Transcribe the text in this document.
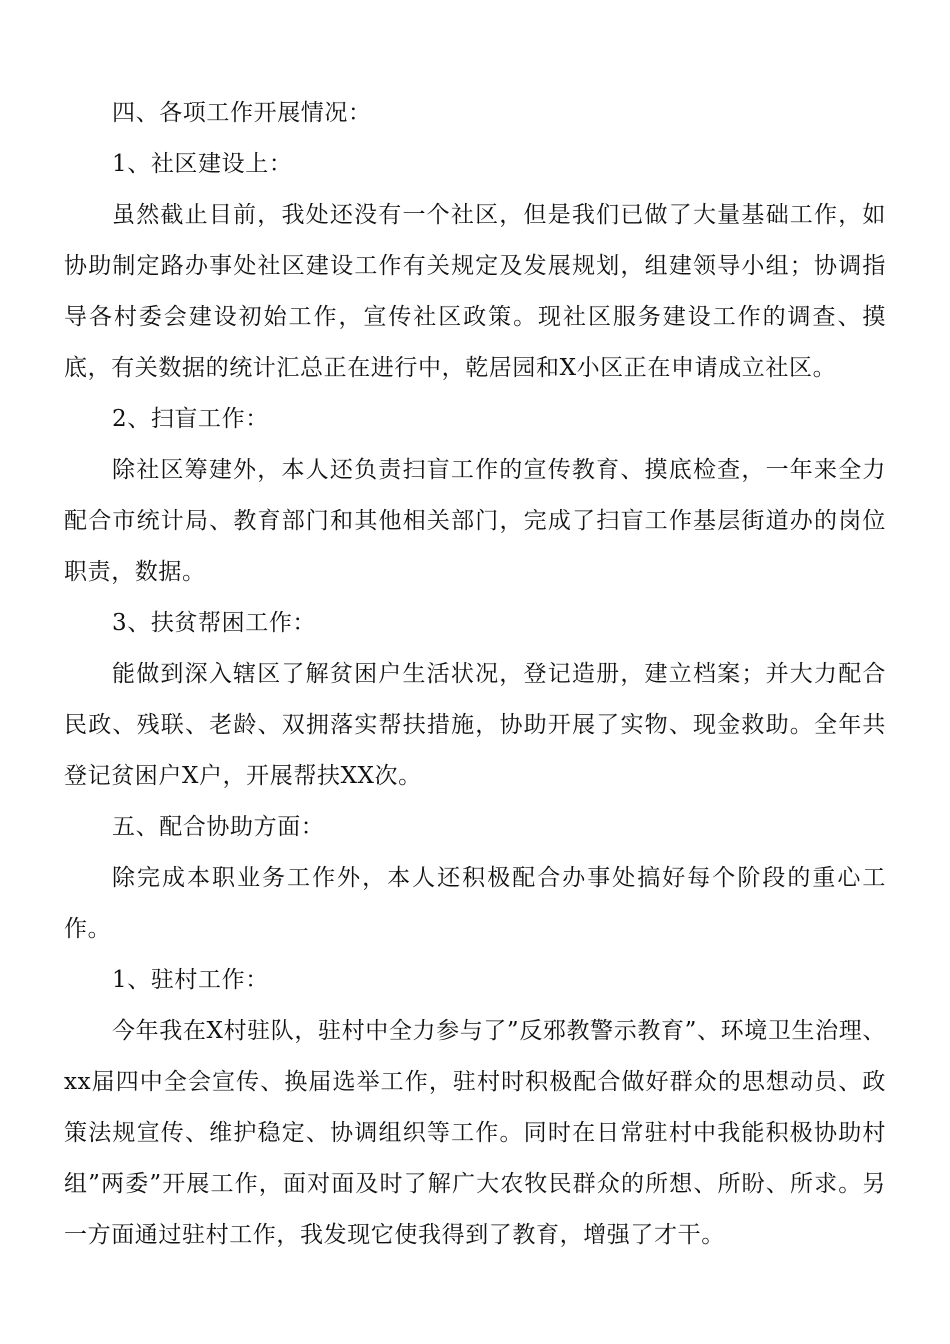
四、各项工作开展情况：

1、社区建设上：

虽然截止目前，我处还没有一个社区，但是我们已做了大量基础工作，如协助制定路办事处社区建设工作有关规定及发展规划，组建领导小组；协调指导各村委会建设初始工作，宣传社区政策。现社区服务建设工作的调查、摸底，有关数据的统计汇总正在进行中，乾居园和X小区正在申请成立社区。

2、扫盲工作：

除社区筹建外，本人还负责扫盲工作的宣传教育、摸底检查，一年来全力配合市统计局、教育部门和其他相关部门，完成了扫盲工作基层街道办的岗位职责，数据。

3、扶贫帮困工作：

能做到深入辖区了解贫困户生活状况，登记造册，建立档案；并大力配合民政、残联、老龄、双拥落实帮扶措施，协助开展了实物、现金救助。全年共登记贫困户X户，开展帮扶XX次。

五、配合协助方面：

除完成本职业务工作外，本人还积极配合办事处搞好每个阶段的重心工作。

1、驻村工作：

今年我在X村驻队，驻村中全力参与了”反邪教警示教育”、环境卫生治理、xx届四中全会宣传、换届选举工作，驻村时积极配合做好群众的思想动员、政策法规宣传、维护稳定、协调组织等工作。同时在日常驻村中我能积极协助村组”两委”开展工作，面对面及时了解广大农牧民群众的所想、所盼、所求。另一方面通过驻村工作，我发现它使我得到了教育，增强了才干。
